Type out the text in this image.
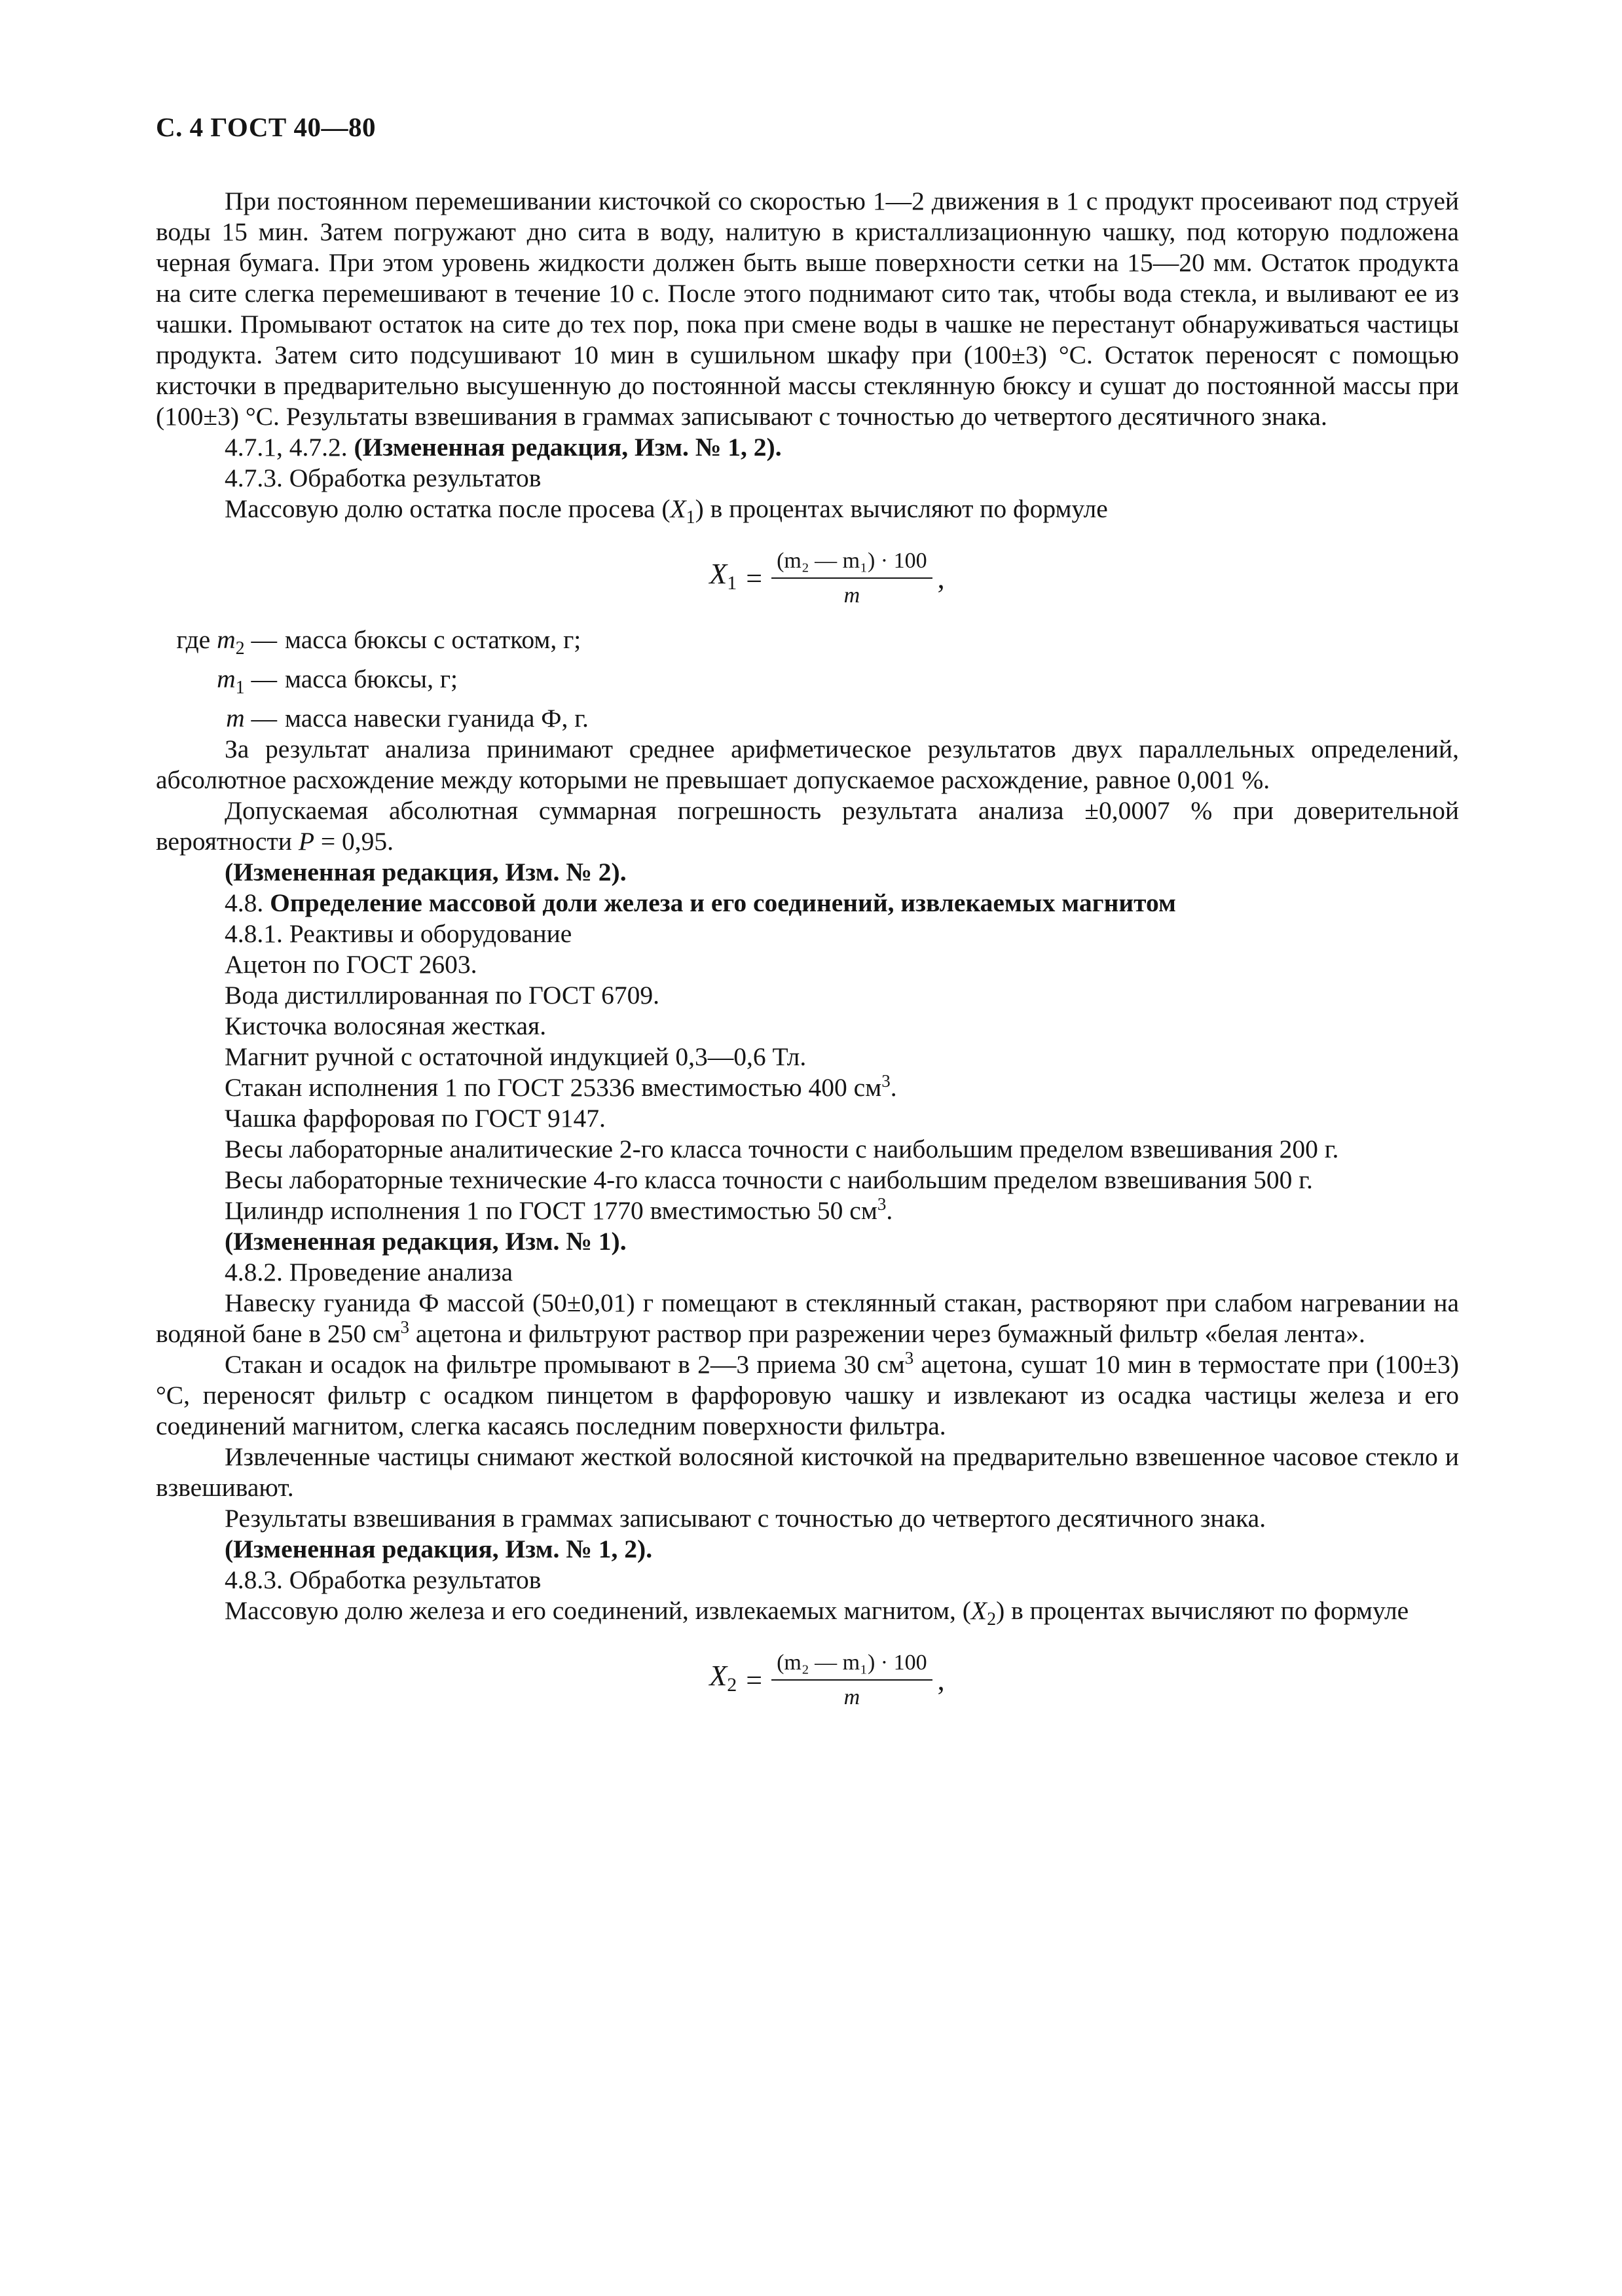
С. 4 ГОСТ 40—80

При постоянном перемешивании кисточкой со скоростью 1—2 движения в 1 с продукт просеивают под струей воды 15 мин. Затем погружают дно сита в воду, налитую в кристаллизационную чашку, под которую подложена черная бумага. При этом уровень жидкости должен быть выше поверхности сетки на 15—20 мм. Остаток продукта на сите слегка перемешивают в течение 10 с. После этого поднимают сито так, чтобы вода стекла, и выливают ее из чашки. Промывают остаток на сите до тех пор, пока при смене воды в чашке не перестанут обнаруживаться частицы продукта. Затем сито подсушивают 10 мин в сушильном шкафу при (100±3) °С. Остаток переносят с помощью кисточки в предварительно высушенную до постоянной массы стеклянную бюксу и сушат до постоянной массы при (100±3) °С. Результаты взвешивания в граммах записывают с точностью до четвертого десятичного знака.

4.7.1, 4.7.2. (Измененная редакция, Изм. № 1, 2).

4.7.3. Обработка результатов

Массовую долю остатка после просева $(X_1)$ в процентах вычисляют по формуле

$X_1 = \frac{\text{(m₂ — m₁) · 100}}{m}$ ,
где $m_2$ — масса бюксы с остатком, г;
$m_1$ — масса бюксы, г;
m — масса навески гуанида Ф, г.

За результат анализа принимают среднее арифметическое результатов двух параллельных определений, абсолютное расхождение между которыми не превышает допускаемое расхождение, равное 0,001 %.

Допускаемая абсолютная суммарная погрешность результата анализа ±0,0007 % при доверительной вероятности P = 0,95.

(Измененная редакция, Изм. № 2).

4.8. Определение массовой доли железа и его соединений, извлекаемых магнитом

4.8.1. Реактивы и оборудование

Ацетон по ГОСТ 2603.

Вода дистиллированная по ГОСТ 6709.

Кисточка волосяная жесткая.

Магнит ручной с остаточной индукцией 0,3—0,6 Тл.

Стакан исполнения 1 по ГОСТ 25336 вместимостью 400 $см^3$.

Чашка фарфоровая по ГОСТ 9147.

Весы лабораторные аналитические 2-го класса точности с наибольшим пределом взвешивания 200 г.

Весы лабораторные технические 4-го класса точности с наибольшим пределом взвешивания 500 г.

Цилиндр исполнения 1 по ГОСТ 1770 вместимостью 50 $см^3$.

(Измененная редакция, Изм. № 1).

4.8.2. Проведение анализа

Навеску гуанида Ф массой (50±0,01) г помещают в стеклянный стакан, растворяют при слабом нагревании на водяной бане в 250 $см^3$ ацетона и фильтруют раствор при разрежении через бумажный фильтр «белая лента».

Стакан и осадок на фильтре промывают в 2—3 приема 30 $см^3$ ацетона, сушат 10 мин в термостате при (100±3) °С, переносят фильтр с осадком пинцетом в фарфоровую чашку и извлекают из осадка частицы железа и его соединений магнитом, слегка касаясь последним поверхности фильтра.

Извлеченные частицы снимают жесткой волосяной кисточкой на предварительно взвешенное часовое стекло и взвешивают.

Результаты взвешивания в граммах записывают с точностью до четвертого десятичного знака.

(Измененная редакция, Изм. № 1, 2).

4.8.3. Обработка результатов

Массовую долю железа и его соединений, извлекаемых магнитом, $(X_2)$ в процентах вычисляют по формуле

$X_2 = \frac{\text{(m₂ — m₁) · 100}}{m}$ ,
